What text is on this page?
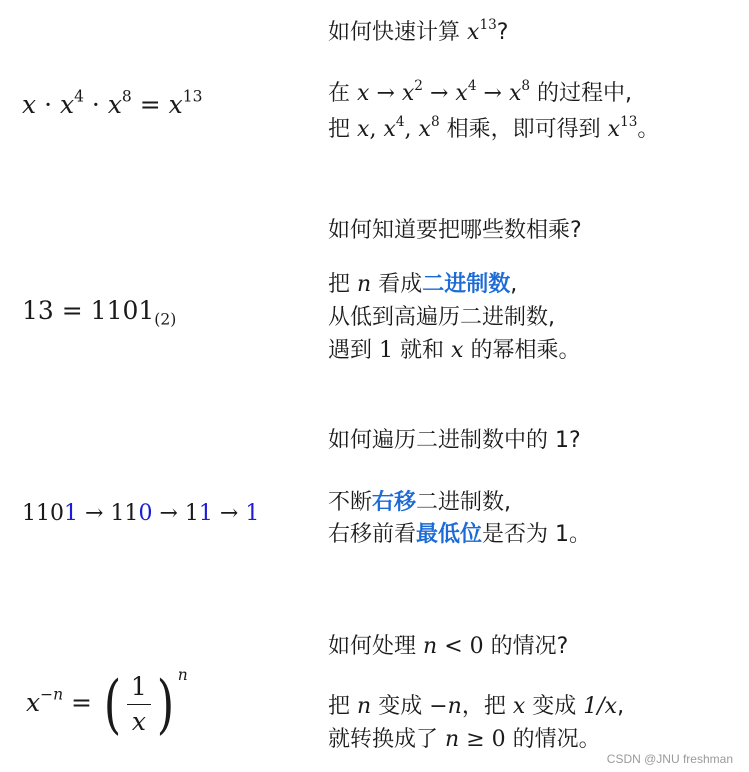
如何快速计算 $x^{13}$?
在 $x \to x^2 \to x^4 \to x^8$ 的过程中,
把 x, $x^4$, $x^8$ 相乘，即可得到 $x^{13}$。
$x \cdot x^4 \cdot x^8 = x^{13}$
如何知道要把哪些数相乘?
把 n 看成二进制数,
从低到高遍历二进制数,
遇到 1 就和 x 的幂相乘。
$13 = 1101_{(2)}$
如何遍历二进制数中的 1?
不断右移二进制数,
右移前看最低位是否为 1。
1101 → 110 → 11 → 1
如何处理 n < 0 的情况?
把 n 变成 −n，把 x 变成 1/x,
就转换成了 n ≥ 0 的情况。
$x^{-n}$ = ( $\frac{1}{x}$ ) $^n$
CSDN @JNU freshman
